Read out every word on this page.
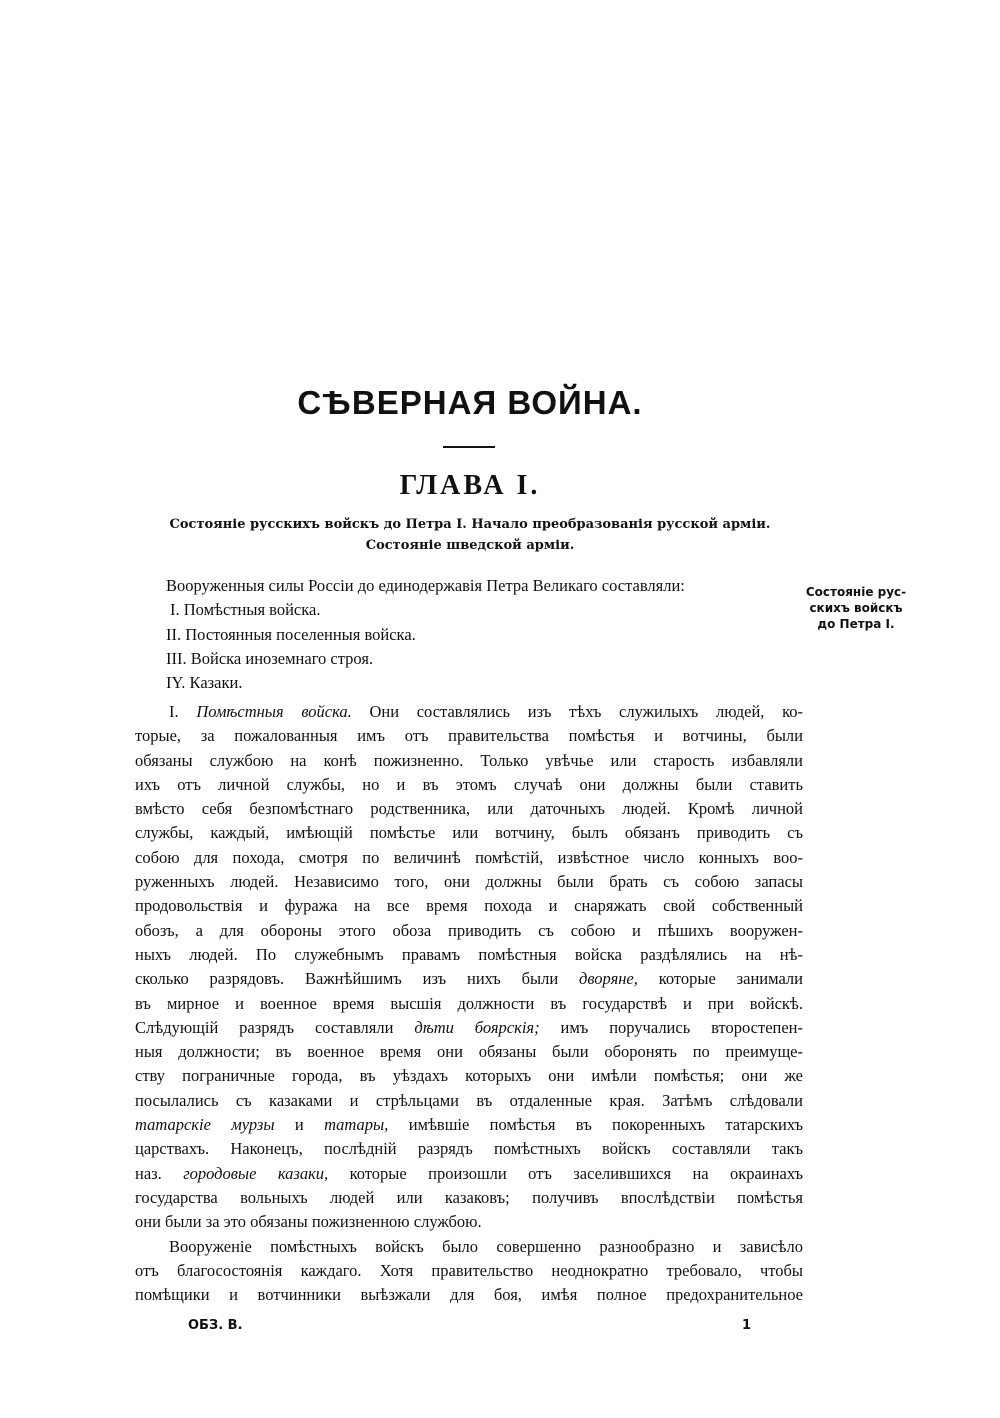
СѢВЕРНАЯ ВОЙНА.
ГЛАВА I.
Состояніе русскихъ войскъ до Петра I. Начало преобразованія русской арміи.
Состояніе шведской арміи.
Состояніе рус-
скихъ войскъ
до Петра I.
Вооруженныя силы Россіи до единодержавія Петра Великаго составляли:
I. Помѣстныя войска.
II. Постоянныя поселенныя войска.
III. Войска иноземнаго строя.
IY. Казаки.
I. Помѣстныя войска. Они составлялись изъ тѣхъ служилыхъ людей, ко-
торые, за пожалованныя имъ отъ правительства помѣстья и вотчины, были
обязаны службою на конѣ пожизненно. Только увѣчье или старость избавляли
ихъ отъ личной службы, но и въ этомъ случаѣ они должны были ставить
вмѣсто себя безпомѣстнаго родственника, или даточныхъ людей. Кромѣ личной
службы, каждый, имѣющій помѣстье или вотчину, былъ обязанъ приводить съ
собою для похода, смотря по величинѣ помѣстій, извѣстное число конныхъ воо-
руженныхъ людей. Независимо того, они должны были брать съ собою запасы
продовольствія и фуража на все время похода и снаряжать свой собственный
обозъ, а для обороны этого обоза приводить съ собою и пѣшихъ вооружен-
ныхъ людей. По служебнымъ правамъ помѣстныя войска раздѣлялись на нѣ-
сколько разрядовъ. Важнѣйшимъ изъ нихъ были дворяне, которые занимали
въ мирное и военное время высшія должности въ государствѣ и при войскѣ.
Слѣдующій разрядъ составляли дѣти боярскія; имъ поручались второстепен-
ныя должности; въ военное время они обязаны были оборонять по преимуще-
ству пограничные города, въ уѣздахъ которыхъ они имѣли помѣстья; они же
посылались съ казаками и стрѣльцами въ отдаленные края. Затѣмъ слѣдовали
татарскіе мурзы и татары, имѣвшіе помѣстья въ покоренныхъ татарскихъ
царствахъ. Наконецъ, послѣдній разрядъ помѣстныхъ войскъ составляли такъ
наз. городовые казаки, которые произошли отъ заселившихся на окраинахъ
государства вольныхъ людей или казаковъ; получивъ впослѣдствіи помѣстья
они были за это обязаны пожизненною службою.
Вооруженіе помѣстныхъ войскъ было совершенно разнообразно и зависѣло
отъ благосостоянія каждаго. Хотя правительство неоднократно требовало, чтобы
помѣщики и вотчинники выѣзжали для боя, имѣя полное предохранительное
ОБЗ. В.	1
